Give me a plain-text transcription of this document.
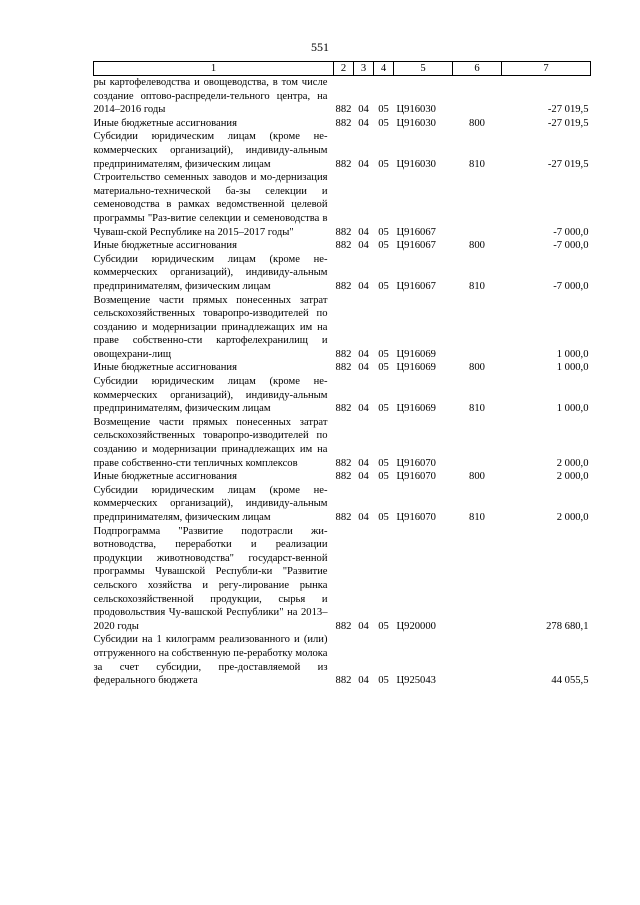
551
1	2	3	4	5	6	7
ры картофелеводства и овощеводства, в том числе создание оптово-распредели-тельного центра, на 2014–2016 годы	882	04	05	Ц916030		-27 019,5
Иные бюджетные ассигнования	882	04	05	Ц916030	800	-27 019,5
Субсидии юридическим лицам (кроме не-коммерческих организаций), индивиду-альным предпринимателям, физическим лицам	882	04	05	Ц916030	810	-27 019,5
Строительство семенных заводов и мо-дернизация материально-технической ба-зы селекции и семеноводства в рамках ведомственной целевой программы "Раз-витие селекции и семеноводства в Чуваш-ской Республике на 2015–2017 годы"	882	04	05	Ц916067		-7 000,0
Иные бюджетные ассигнования	882	04	05	Ц916067	800	-7 000,0
Субсидии юридическим лицам (кроме не-коммерческих организаций), индивиду-альным предпринимателям, физическим лицам	882	04	05	Ц916067	810	-7 000,0
Возмещение части прямых понесенных затрат сельскохозяйственных товаропро-изводителей по созданию и модернизации принадлежащих им на праве собственно-сти картофелехранилищ и овощехрани-лищ	882	04	05	Ц916069		1 000,0
Иные бюджетные ассигнования	882	04	05	Ц916069	800	1 000,0
Субсидии юридическим лицам (кроме не-коммерческих организаций), индивиду-альным предпринимателям, физическим лицам	882	04	05	Ц916069	810	1 000,0
Возмещение части прямых понесенных затрат сельскохозяйственных товаропро-изводителей по созданию и модернизации принадлежащих им на праве собственно-сти тепличных комплексов	882	04	05	Ц916070		2 000,0
Иные бюджетные ассигнования	882	04	05	Ц916070	800	2 000,0
Субсидии юридическим лицам (кроме не-коммерческих организаций), индивиду-альным предпринимателям, физическим лицам	882	04	05	Ц916070	810	2 000,0
Подпрограмма "Развитие подотрасли жи-вотноводства, переработки и реализации продукции животноводства" государст-венной программы Чувашской Республи-ки "Развитие сельского хозяйства и регу-лирование рынка сельскохозяйственной продукции, сырья и продовольствия Чу-вашской Республики" на 2013–2020 годы	882	04	05	Ц920000		278 680,1
Субсидии на 1 килограмм реализованного и (или) отгруженного на собственную пе-реработку молока за счет субсидии, пре-доставляемой из федерального бюджета	882	04	05	Ц925043		44 055,5
